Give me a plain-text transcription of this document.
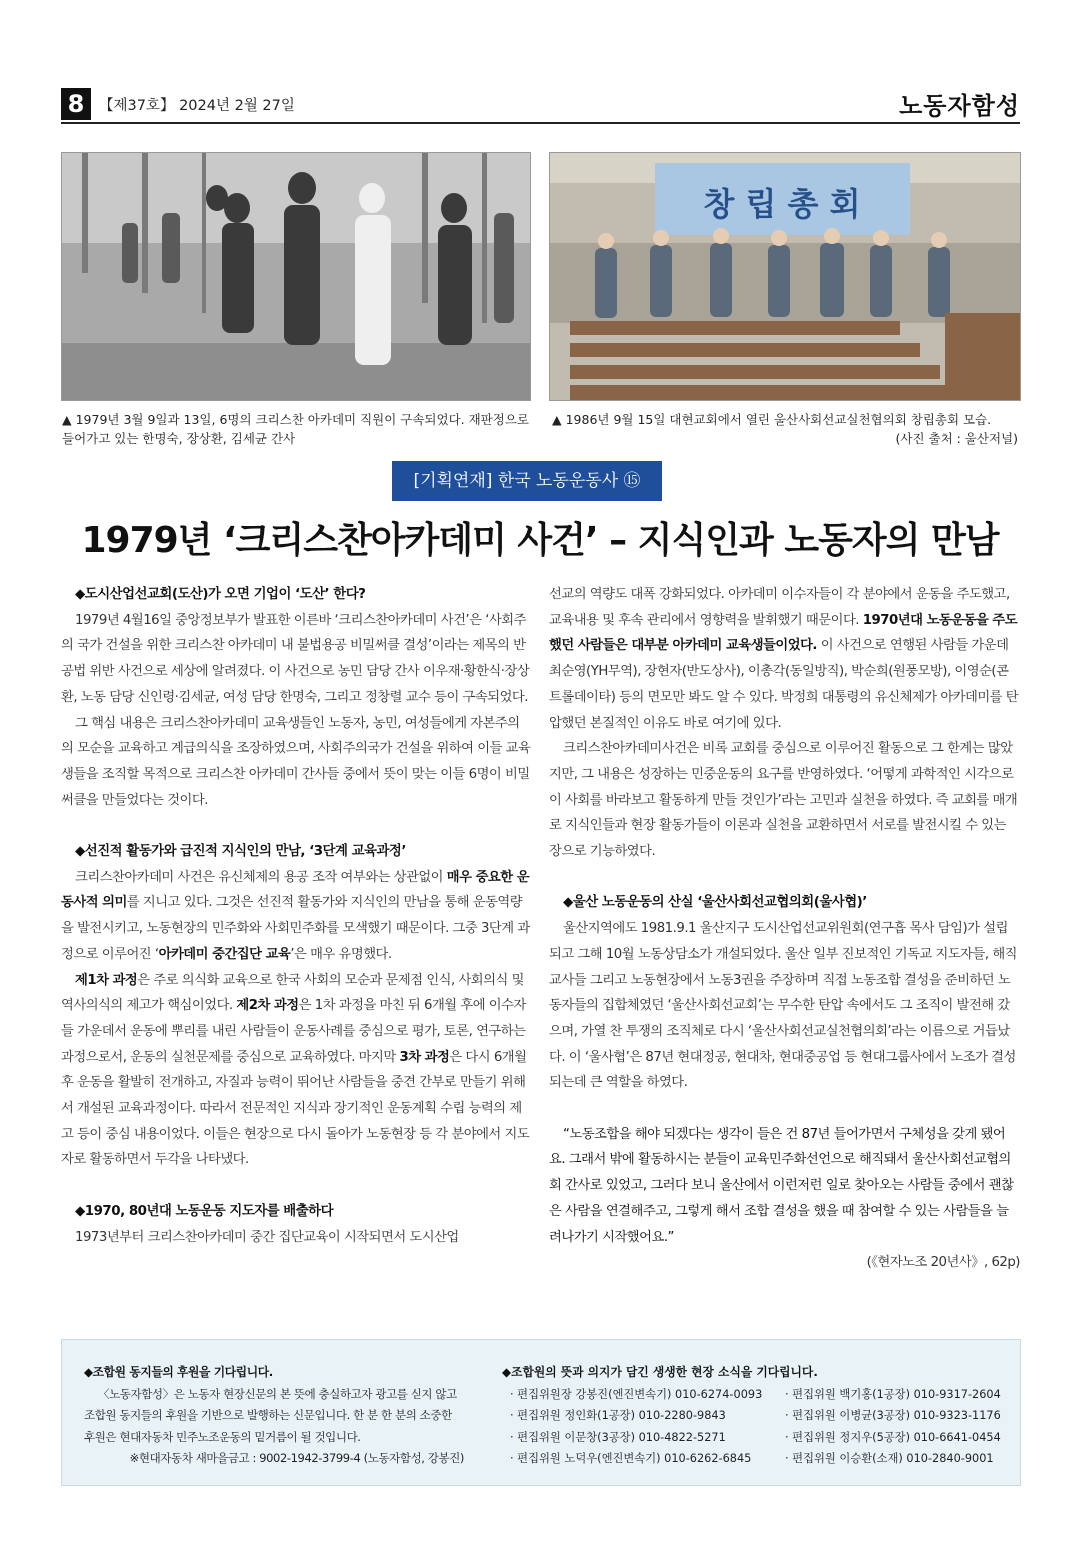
8	【제37호】 2024년 2월 27일	노동자함성
창 립 총 회
▲ 1979년 3월 9일과 13일, 6명의 크리스찬 아카데미 직원이 구속되었다. 재판정으로 들어가고 있는 한명숙, 장상환, 김세균 간사
▲ 1986년 9월 15일 대현교회에서 열린 울산사회선교실천협의회 창립총회 모습.
(사진 출처 : 울산저널)
[기획연재] 한국 노동운동사 ⑮
1979년 ‘크리스찬아카데미 사건’ – 지식인과 노동자의 만남
◆도시산업선교회(도산)가 오면 기업이 ‘도산’ 한다?

1979년 4월16일 중앙정보부가 발표한 이른바 ‘크리스찬아카데미 사건’은 ‘사회주의 국가 건설을 위한 크리스찬 아카데미 내 불법용공 비밀써클 결성’이라는 제목의 반공법 위반 사건으로 세상에 알려졌다. 이 사건으로 농민 담당 간사 이우재·황한식·장상환, 노동 담당 신인령·김세균, 여성 담당 한명숙, 그리고 정창렬 교수 등이 구속되었다.

그 핵심 내용은 크리스찬아카데미 교육생들인 노동자, 농민, 여성들에게 자본주의의 모순을 교육하고 계급의식을 조장하였으며, 사회주의국가 건설을 위하여 이들 교육생들을 조직할 목적으로 크리스찬 아카데미 간사들 중에서 뜻이 맞는 이들 6명이 비밀 써클을 만들었다는 것이다.

◆선진적 활동가와 급진적 지식인의 만남, ‘3단계 교육과정’

크리스찬아카데미 사건은 유신체제의 용공 조작 여부와는 상관없이 매우 중요한 운동사적 의미를 지니고 있다. 그것은 선진적 활동가와 지식인의 만남을 통해 운동역량을 발전시키고, 노동현장의 민주화와 사회민주화를 모색했기 때문이다. 그중 3단계 과정으로 이루어진 ‘아카데미 중간집단 교육’은 매우 유명했다.

제1차 과정은 주로 의식화 교육으로 한국 사회의 모순과 문제점 인식, 사회의식 및 역사의식의 제고가 핵심이었다. 제2차 과정은 1차 과정을 마친 뒤 6개월 후에 이수자들 가운데서 운동에 뿌리를 내린 사람들이 운동사례를 중심으로 평가, 토론, 연구하는 과정으로서, 운동의 실천문제를 중심으로 교육하였다. 마지막 3차 과정은 다시 6개월 후 운동을 활발히 전개하고, 자질과 능력이 뛰어난 사람들을 중견 간부로 만들기 위해서 개설된 교육과정이다. 따라서 전문적인 지식과 장기적인 운동계획 수립 능력의 제고 등이 중심 내용이었다. 이들은 현장으로 다시 돌아가 노동현장 등 각 분야에서 지도자로 활동하면서 두각을 나타냈다.

◆1970, 80년대 노동운동 지도자를 배출하다

1973년부터 크리스찬아카데미 중간 집단교육이 시작되면서 도시산업

선교의 역량도 대폭 강화되었다. 아카데미 이수자들이 각 분야에서 운동을 주도했고, 교육내용 및 후속 관리에서 영향력을 발휘했기 때문이다. 1970년대 노동운동을 주도했던 사람들은 대부분 아카데미 교육생들이었다. 이 사건으로 연행된 사람들 가운데 최순영(YH무역), 장현자(반도상사), 이총각(동일방직), 박순희(원풍모방), 이영순(콘트롤데이타) 등의 면모만 봐도 알 수 있다. 박정희 대통령의 유신체제가 아카데미를 탄압했던 본질적인 이유도 바로 여기에 있다.

크리스찬아카데미사건은 비록 교회를 중심으로 이루어진 활동으로 그 한계는 많았지만, 그 내용은 성장하는 민중운동의 요구를 반영하였다. ‘어떻게 과학적인 시각으로 이 사회를 바라보고 활동하게 만들 것인가’라는 고민과 실천을 하였다. 즉 교회를 매개로 지식인들과 현장 활동가들이 이론과 실천을 교환하면서 서로를 발전시킬 수 있는 장으로 기능하였다.

◆울산 노동운동의 산실 ‘울산사회선교협의회(울사협)’

울산지역에도 1981.9.1 울산지구 도시산업선교위원회(연구흡 목사 담임)가 설립되고 그해 10월 노동상담소가 개설되었다. 울산 일부 진보적인 기독교 지도자들, 해직 교사들 그리고 노동현장에서 노동3권을 주장하며 직접 노동조합 결성을 준비하던 노동자들의 집합체였던 ‘울산사회선교회’는 무수한 탄압 속에서도 그 조직이 발전해 갔으며, 가열 찬 투쟁의 조직체로 다시 ‘울산사회선교실천협의회’라는 이름으로 거듭났다. 이 ‘울사협’은 87년 현대정공, 현대차, 현대중공업 등 현대그룹사에서 노조가 결성되는데 큰 역할을 하였다.

“노동조합을 해야 되겠다는 생각이 들은 건 87년 들어가면서 구체성을 갖게 됐어요. 그래서 밖에 활동하시는 분들이 교육민주화선언으로 해직돼서 울산사회선교협의회 간사로 있었고, 그러다 보니 울산에서 이런저런 일로 찾아오는 사람들 중에서 괜찮은 사람을 연결해주고, 그렇게 해서 조합 결성을 했을 때 참여할 수 있는 사람들을 늘려나가기 시작했어요.”

(《현자노조 20년사》, 62p)

◆조합원 동지들의 후원을 기다립니다.

〈노동자함성〉은 노동자 현장신문의 본 뜻에 충실하고자 광고를 싣지 않고 조합원 동지들의 후원을 기반으로 발행하는 신문입니다. 한 분 한 분의 소중한 후원은 현대자동차 민주노조운동의 밑거름이 될 것입니다.

※현대자동차 새마을금고 : 9002-1942-3799-4 (노동자함성, 강봉진)

◆조합원의 뜻과 의지가 담긴 생생한 현장 소식을 기다립니다.
· 편집위원장 강봉진(엔진변속기) 010-6274-0093	· 편집위원 백기홍(1공장) 010-9317-2604
· 편집위원 정인화(1공장) 010-2280-9843	· 편집위원 이병균(3공장) 010-9323-1176
· 편집위원 이문창(3공장) 010-4822-5271	· 편집위원 정지우(5공장) 010-6641-0454
· 편집위원 노덕우(엔진변속기) 010-6262-6845	· 편집위원 이승환(소재) 010-2840-9001
